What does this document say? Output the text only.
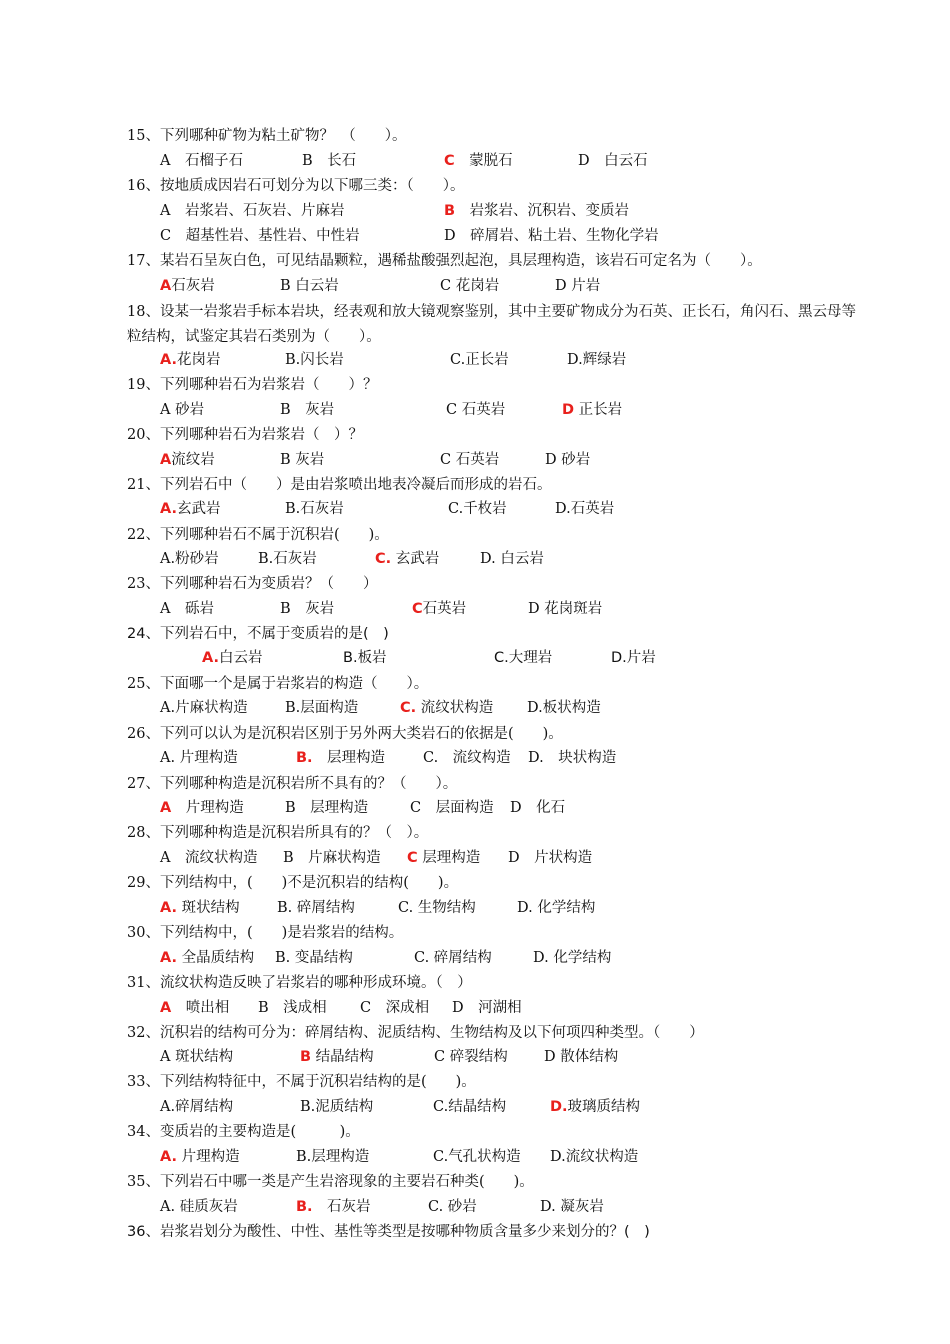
15、下列哪种矿物为粘土矿物？　（　　）。
A　石榴子石	B　长石	C　蒙脱石	D　白云石
16、按地质成因岩石可划分为以下哪三类：（　　）。
A　岩浆岩、石灰岩、片麻岩	B　岩浆岩、沉积岩、变质岩
C　超基性岩、基性岩、中性岩	D　碎屑岩、粘土岩、生物化学岩
17、某岩石呈灰白色，可见结晶颗粒，遇稀盐酸强烈起泡，具层理构造，该岩石可定名为（　　）。
A石灰岩	B 白云岩	C 花岗岩	D 片岩
18、设某一岩浆岩手标本岩块，经表观和放大镜观察鉴别，其中主要矿物成分为石英、正长石，角闪石、黑云母等粒结构，试鉴定其岩石类别为（　　）。
A.花岗岩	B.闪长岩	C.正长岩	D.辉绿岩
19、下列哪种岩石为岩浆岩（　　）？
A 砂岩	B　灰岩	C 石英岩	D 正长岩
20、下列哪种岩石为岩浆岩（　）？
A流纹岩	B 灰岩	C 石英岩	D 砂岩
21、下列岩石中（　　）是由岩浆喷出地表冷凝后而形成的岩石。
A.玄武岩	B.石灰岩	C.千枚岩	D.石英岩
22、下列哪种岩石不属于沉积岩(　　)。
A.粉砂岩	B.石灰岩	C. 玄武岩	D. 白云岩
23、下列哪种岩石为变质岩？（　　）
A　砾岩	B　灰岩	C石英岩	D 花岗斑岩
24、下列岩石中，不属于变质岩的是(　)
A.白云岩	B.板岩	C.大理岩	D.片岩
25、下面哪一个是属于岩浆岩的构造（　　）。
A.片麻状构造	B.层面构造	C. 流纹状构造 D.板状构造
26、下列可以认为是沉积岩区别于另外两大类岩石的依据是(　　)。
A. 片理构造	B.　层理构造	C.　流纹构造 D.　块状构造
27、下列哪种构造是沉积岩所不具有的？（　　）。
A　片理构造	B　层理构造	C　层面构造 D　化石
28、下列哪种构造是沉积岩所具有的？（　）。
A　流纹状构造 B　片麻状构造 C 层理构造 D　片状构造
29、下列结构中，(　　)不是沉积岩的结构(　　)。
A. 斑状结构	B. 碎屑结构	C. 生物结构	D. 化学结构
30、下列结构中，(　　)是岩浆岩的结构。
A. 全晶质结构 B. 变晶结构	C. 碎屑结构	D. 化学结构
31、流纹状构造反映了岩浆岩的哪种形成环境。（　）
A　喷出相 B　浅成相 C　深成相 D　河湖相
32、沉积岩的结构可分为：碎屑结构、泥质结构、生物结构及以下何项四种类型。（　　）
A 斑状结构	B 结晶结构	C 碎裂结构	D 散体结构
33、下列结构特征中，不属于沉积岩结构的是(　　)。
A.碎屑结构	B.泥质结构	C.结晶结构	D.玻璃质结构
34、变质岩的主要构造是(　　　)。
A. 片理构造	B.层理构造	C.气孔状构造 D.流纹状构造
35、下列岩石中哪一类是产生岩溶现象的主要岩石种类(　　)。
A. 硅质灰岩	B.　石灰岩	C. 砂岩	D. 凝灰岩
36、岩浆岩划分为酸性、中性、基性等类型是按哪种物质含量多少来划分的？(　)
